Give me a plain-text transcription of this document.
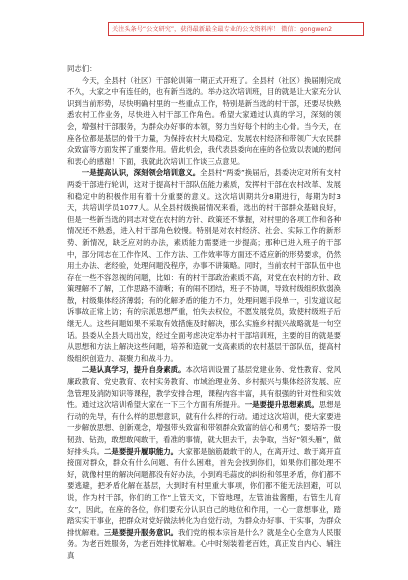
关注头条号“公文研究”，获得最新最全最专业的公文资料库！ 微信：gongwen2

同志们：

今天，全县村（社区）干部轮训第一期正式开班了。全县村（社区）换届刚完成不久，大家之中有连任的，也有新当选的。举办这次培训班，目的就是让大家充分认识到当前形势，尽快明确村里的一些重点工作，特别是新当选的村干部，还要尽快熟悉农村工作业务，尽快进入村干部工作角色。希望大家通过认真的学习，深刻的领会，增强村干部服务，为群众办好事的本领，努力当好每个村的主心骨。当今天，在座各位都是基层的骨干力量，为保持农村大局稳定、发展农村经济和带领广大农民群众致富等方面发挥了重要作用。借此机会，我代表县委向在座的各位致以表诚的慰问和衷心的感谢！下面，我就此次培训工作谈三点意见。

一是提高认识，深刻领会培训意义。全县村“两委”换届后，县委决定对所有支村两委干部进行轮训，这对于提高村干部队伍能力素质，发挥村干部在农村改革、发展和稳定中的积极作用有着十分重要的意义。这次培训期共分8期进行，每期为时3天，共培训学员1077人。从全县村级换届情况来看，选出的村干部群众基础良好，但是一些新当选的同志对党在农村的方针、政策还不掌握，对村里的各项工作和各种情况还不熟悉，进入村干部角色较慢。特别是对农村经济、社会、实际工作的新形势、新情况，缺乏应对的办法，素质能力需要进一步提高；那种已进入班子的干部中，部分同志在工作作风、工作方法、工作效率等方面还不适应新的形势要求，仍然用土办法、老经验，处理问题没程序，办事不讲策略。同时，当前农村干部队伍中也存在一些不容忽视的问题，比如：有的村干部政治素质不高，对党在农村的方针、政策理解不了解，工作思路不清晰；有的闹不团结，班子不协调，导致村级组织软弱涣散，村级集体经济薄弱；有的化解矛盾的能力不力，处理问题手段单一，引发道议起诉事故正常上访；有的宗派思想严重，怕失去权位，不愿发展党员，致使村级班子后继无人。这些问题如果不采取有效措施及时解决，那么实施乡村振兴战略就是一句空话。县委从全县大局出发，经过全面考虑决定举办村干部培训班，主要的目的就是要从思想和方法上解决这些问题，培养和造就一支高素质的农村基层干部队伍，提高村级组织创造力、凝聚力和战斗力。

二是认真学习，提升自身素质。本次培训设置了基层党建业务、党性教育、党风廉政教育、党史教育、农村实务教育、市域治理业务、乡村振兴与集体经济发展、应急管理及消防知识等课程，教学安排合理，课程内容丰富，具有很强的针对性和实效性。通过这次培训希望大家在一下三个方面有所提升。一是要提升思想素质。思想是行动的先导，有什么样的思想意识，就有什么样的行动。通过这次培训，使大家要进一步解放思想、创新观念，增强带头致富和带领群众致富的信心和勇气；要培养一股韧劲、钻劲，敢想敢闯敢干，看准的事情，就大胆去干，去争取，当好“领头雁”，做好排头兵。二是要提升履职能力。大家都是脑筋最敢干的人，在离开过、敢于离开直接面对群众，群众有什么问题、有什么困难，首先会找到你们，如果你们都处理不好，就像村里的解决问题都没有好办法，小到鸡毛蒜皮的纠纷和邻里矛盾，你们都不要逃避，把矛盾化解在基层，大到时有村里重大事项，你们都不能无法回避，可以说，作为村干部，你们的工作“上管天文，下管地理，左管油盐酱醋，右管生儿育女”，因此，在座的各位，你们要充分认识自己的地位和作用，一心一意想事业，踏踏实实干事业，把群众对党好做法转化为自觉行动，为群众办好事、干实事，为群众排忧解难。三是要提升服务意识。我们党的根本宗旨是什么？就是全心全意为人民服务。为老百姓服务，为老百姓排忧解难。心中时刻装着老百姓，真正发自内心、辅注真
